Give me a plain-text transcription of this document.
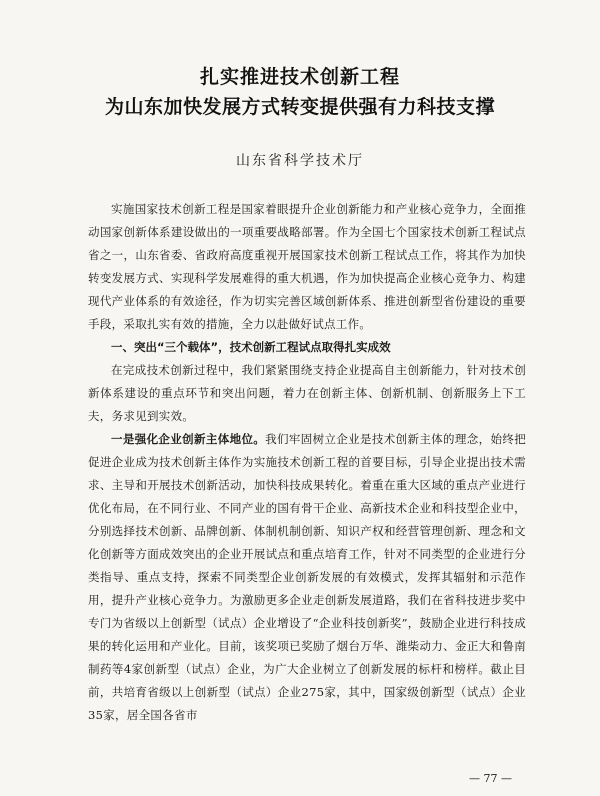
扎实推进技术创新工程
为山东加快发展方式转变提供强有力科技支撑
山东省科学技术厅

实施国家技术创新工程是国家着眼提升企业创新能力和产业核心竞争力，全面推动国家创新体系建设做出的一项重要战略部署。作为全国七个国家技术创新工程试点省之一，山东省委、省政府高度重视开展国家技术创新工程试点工作，将其作为加快转变发展方式、实现科学发展难得的重大机遇，作为加快提高企业核心竞争力、构建现代产业体系的有效途径，作为切实完善区域创新体系、推进创新型省份建设的重要手段，采取扎实有效的措施，全力以赴做好试点工作。

一、突出“三个载体”，技术创新工程试点取得扎实成效

在完成技术创新过程中，我们紧紧围绕支持企业提高自主创新能力，针对技术创新体系建设的重点环节和突出问题，着力在创新主体、创新机制、创新服务上下工夫，务求见到实效。

一是强化企业创新主体地位。我们牢固树立企业是技术创新主体的理念，始终把促进企业成为技术创新主体作为实施技术创新工程的首要目标，引导企业提出技术需求、主导和开展技术创新活动，加快科技成果转化。着重在重大区域的重点产业进行优化布局，在不同行业、不同产业的国有骨干企业、高新技术企业和科技型企业中，分别选择技术创新、品牌创新、体制机制创新、知识产权和经营管理创新、理念和文化创新等方面成效突出的企业开展试点和重点培育工作，针对不同类型的企业进行分类指导、重点支持，探索不同类型企业创新发展的有效模式，发挥其辐射和示范作用，提升产业核心竞争力。为激励更多企业走创新发展道路，我们在省科技进步奖中专门为省级以上创新型（试点）企业增设了“企业科技创新奖”，鼓励企业进行科技成果的转化运用和产业化。目前，该奖项已奖励了烟台万华、潍柴动力、金正大和鲁南制药等4家创新型（试点）企业，为广大企业树立了创新发展的标杆和榜样。截止目前，共培育省级以上创新型（试点）企业275家，其中，国家级创新型（试点）企业35家，居全国各省市

— 77 —
